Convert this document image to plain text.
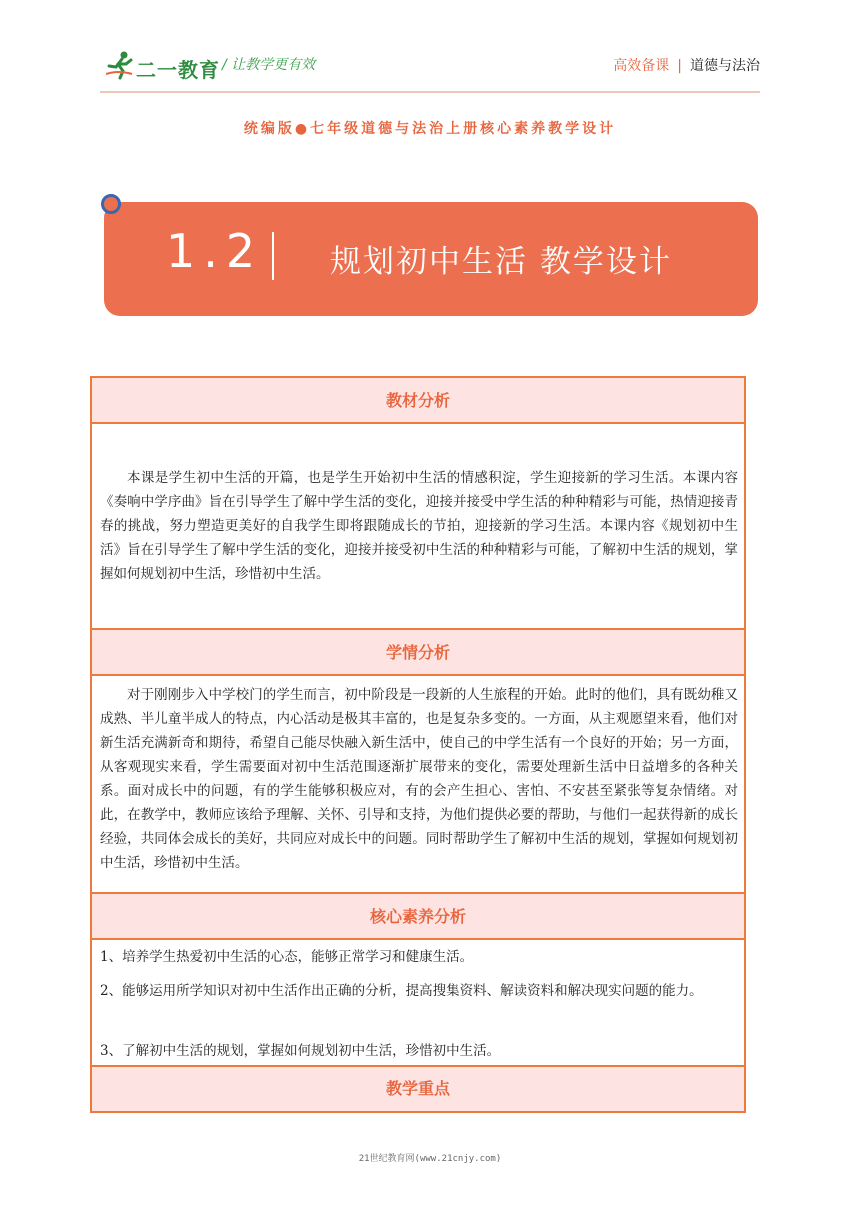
二一教育 / 让教学更有效	高效备课 | 道德与法治
统编版●七年级道德与法治上册核心素养教学设计
1.2 规划初中生活 教学设计
教材分析
本课是学生初中生活的开篇，也是学生开始初中生活的情感积淀，学生迎接新的学习生活。本课内容《奏响中学序曲》旨在引导学生了解中学生活的变化，迎接并接受中学生活的种种精彩与可能，热情迎接青春的挑战，努力塑造更美好的自我学生即将跟随成长的节拍，迎接新的学习生活。本课内容《规划初中生活》旨在引导学生了解中学生活的变化，迎接并接受初中生活的种种精彩与可能，了解初中生活的规划，掌握如何规划初中生活，珍惜初中生活。
学情分析
对于刚刚步入中学校门的学生而言，初中阶段是一段新的人生旅程的开始。此时的他们，具有既幼稚又成熟、半儿童半成人的特点，内心活动是极其丰富的，也是复杂多变的。一方面，从主观愿望来看，他们对新生活充满新奇和期待，希望自己能尽快融入新生活中，使自己的中学生活有一个良好的开始；另一方面，从客观现实来看，学生需要面对初中生活范围逐渐扩展带来的变化，需要处理新生活中日益增多的各种关系。面对成长中的问题，有的学生能够积极应对，有的会产生担心、害怕、不安甚至紧张等复杂情绪。对此，在教学中，教师应该给予理解、关怀、引导和支持，为他们提供必要的帮助，与他们一起获得新的成长经验，共同体会成长的美好，共同应对成长中的问题。同时帮助学生了解初中生活的规划，掌握如何规划初中生活，珍惜初中生活。
核心素养分析
1、培养学生热爱初中生活的心态，能够正常学习和健康生活。
2、能够运用所学知识对初中生活作出正确的分析，提高搜集资料、解读资料和解决现实问题的能力。
3、了解初中生活的规划，掌握如何规划初中生活，珍惜初中生活。
教学重点
21世纪教育网(www.21cnjy.com)
